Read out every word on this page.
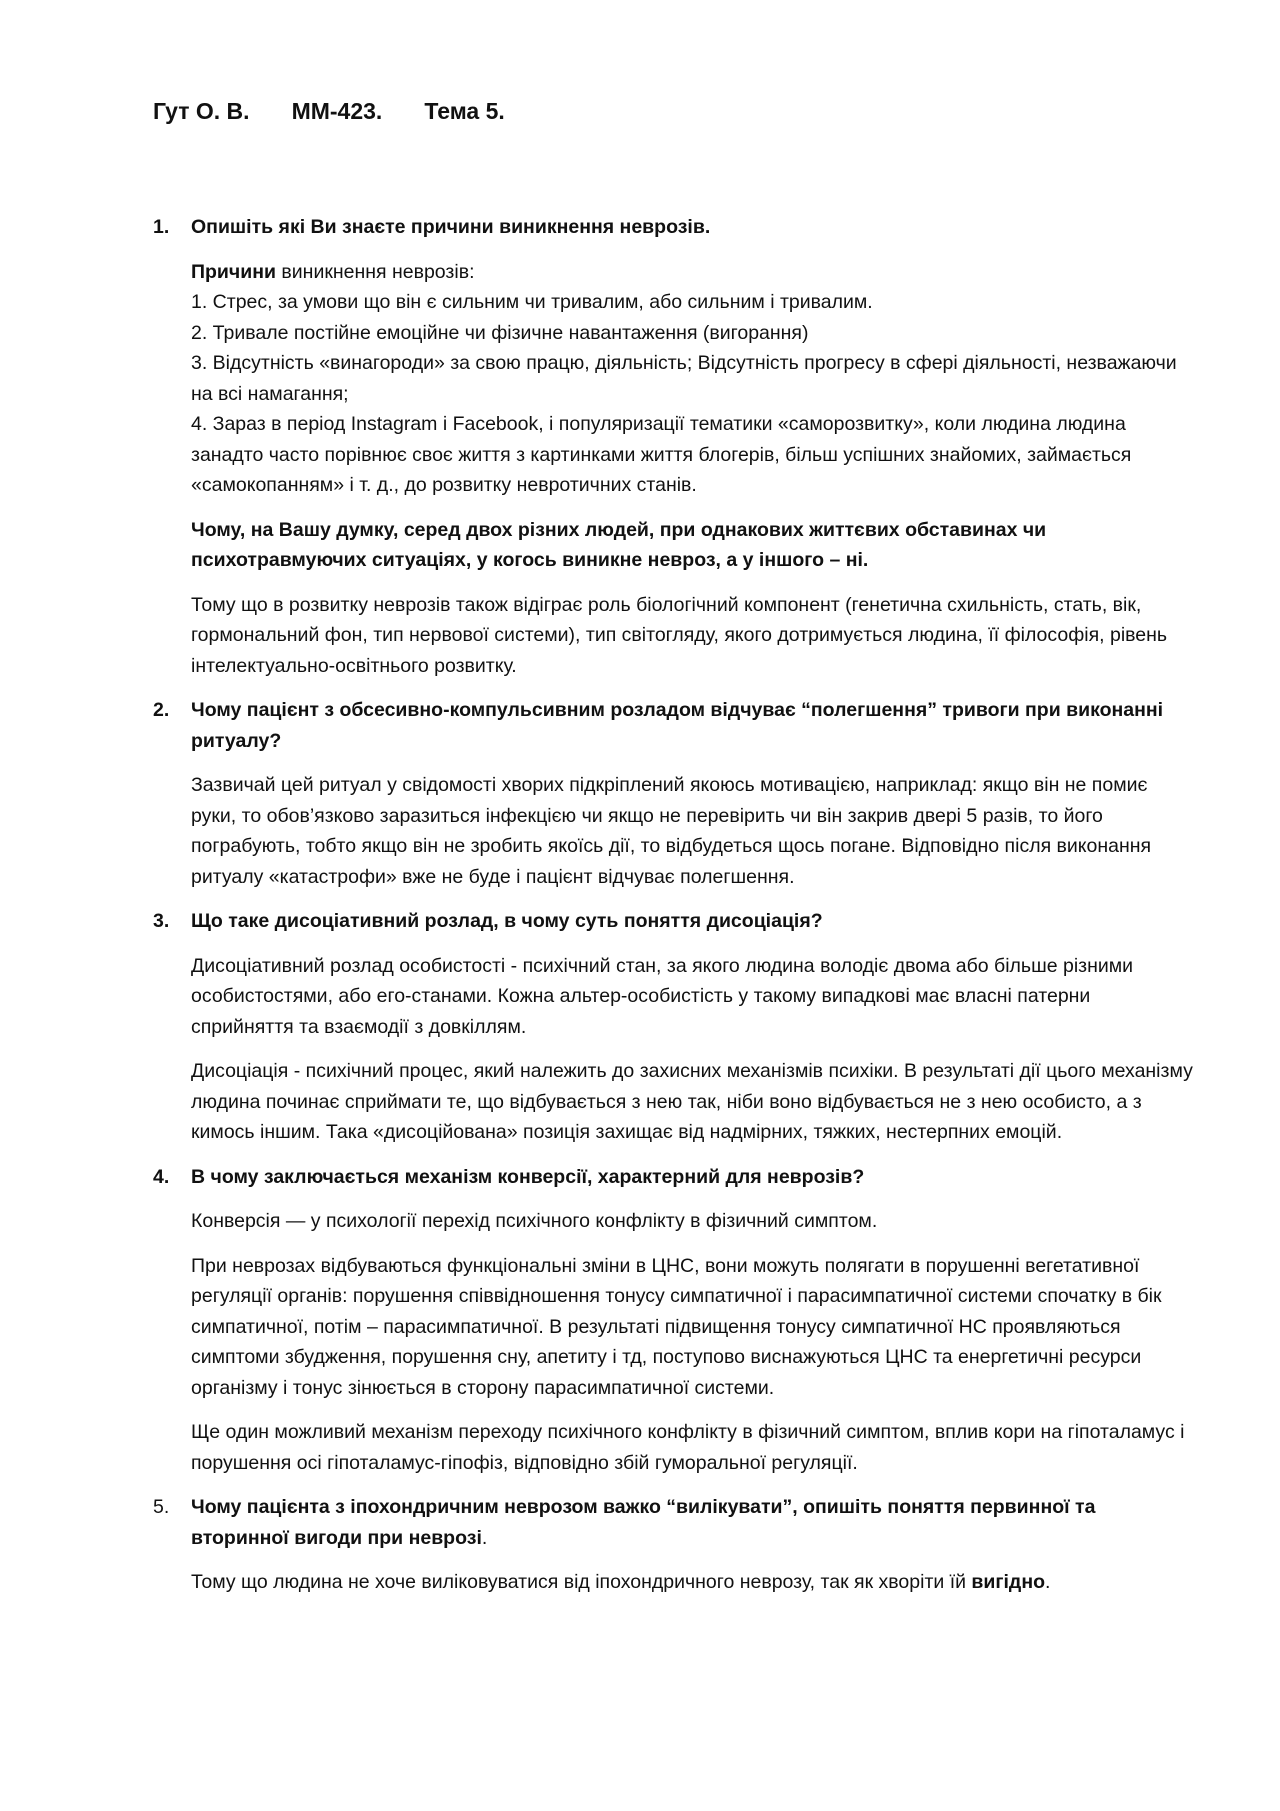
Гут О. В. ММ-423. Тема 5.
1.	Опишіть які Ви знаєте причини виникнення неврозів.

Причини виникнення неврозів:

1. Стрес, за умови що він є сильним чи тривалим, або сильним і тривалим.
2. Тривале постійне емоційне чи фізичне навантаження (вигорання)
3. Відсутність «винагороди» за свою працю, діяльність; Відсутність прогресу в сфері діяльності, незважаючи на всі намагання;
4. Зараз в період Instagram і Facebook, і популяризації тематики «саморозвитку», коли людина людина занадто часто порівнює своє життя з картинками життя блогерів, більш успішних знайомих, займається «самокопанням» і т. д., до розвитку невротичних станів.

Чому, на Вашу думку, серед двох різних людей, при однакових життєвих обставинах чи психотравмуючих ситуаціях, у когось виникне невроз, а у іншого – ні.

Тому що в розвитку неврозів також відіграє роль біологічний компонент (генетична схильність, стать, вік, гормональний фон, тип нервової системи), тип світогляду, якого дотримується людина, її філософія, рівень інтелектуально-освітнього розвитку.

2.	Чому пацієнт з обсесивно-компульсивним розладом відчуває “полегшення” тривоги при виконанні ритуалу?

Зазвичай цей ритуал у свідомості хворих підкріплений якоюсь мотивацією, наприклад: якщо він не помиє руки, то обов’язково заразиться інфекцією чи якщо не перевірить чи він закрив двері 5 разів, то його пограбують, тобто якщо він не зробить якоїсь дії, то відбудеться щось погане. Відповідно після виконання ритуалу «катастрофи» вже не буде і пацієнт відчуває полегшення.

3.	Що таке дисоціативний розлад, в чому суть поняття дисоціація?

Дисоціативний розлад особистості - психічний стан, за якого людина володіє двома або більше різними особистостями, або его-станами. Кожна альтер-особистість у такому випадкові має власні патерни сприйняття та взаємодії з довкіллям.

Дисоціація - психічний процес, який належить до захисних механізмів психіки. В результаті дії цього механізму людина починає сприймати те, що відбувається з нею так, ніби воно відбувається не з нею особисто, а з кимось іншим. Така «дисоційована» позиція захищає від надмірних, тяжких, нестерпних емоцій.

4.	В чому заключається механізм конверсії, характерний для неврозів?

Конверсія — у психології перехід психічного конфлікту в фізичний симптом.

При неврозах відбуваються функціональні зміни в ЦНС, вони можуть полягати в порушенні вегетативної регуляції органів: порушення співвідношення тонусу симпатичної і парасимпатичної системи спочатку в бік симпатичної, потім – парасимпатичної. В результаті підвищення тонусу симпатичної НС проявляються симптоми збудження, порушення сну, апетиту і тд, поступово виснажуються ЦНС та енергетичні ресурси організму і тонус зінюється в сторону парасимпатичної системи.

Ще один можливий механізм переходу психічного конфлікту в фізичний симптом, вплив кори на гіпоталамус і порушення осі гіпоталамус-гіпофіз, відповідно збій гуморальної регуляції.

5.	Чому пацієнта з іпохондричним неврозом важко “вилікувати”, опишіть поняття первинної та вторинної вигоди при неврозі.

Тому що людина не хоче виліковуватися від іпохондричного неврозу, так як хворіти їй вигідно.
